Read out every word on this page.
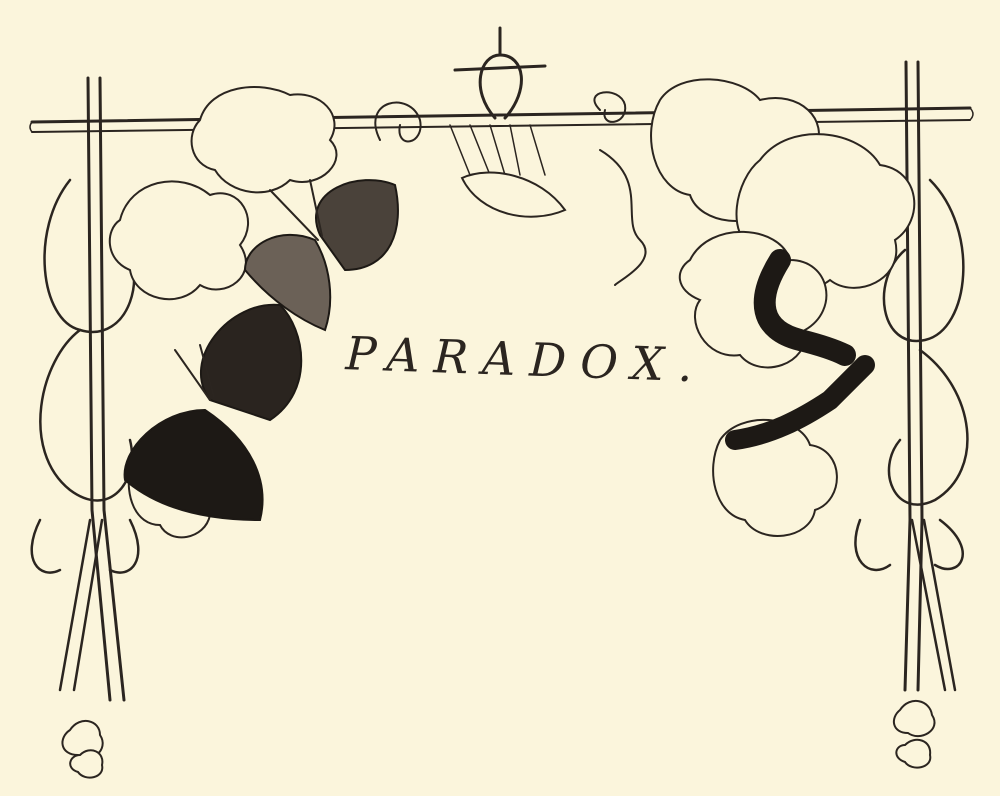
PARADOX.
